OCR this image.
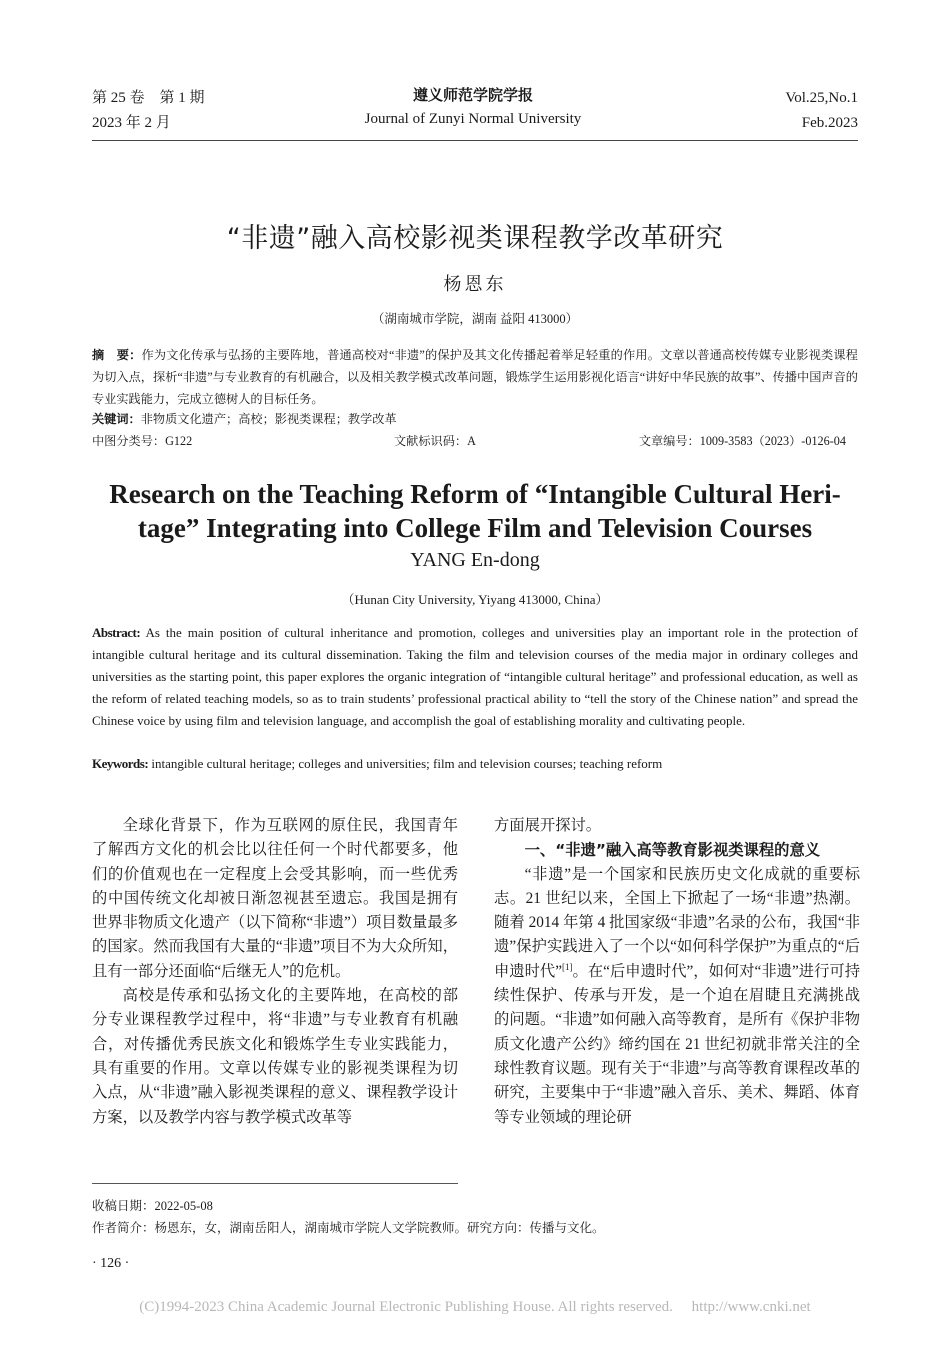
第 25 卷　第 1 期
2023 年 2 月
遵义师范学院学报
Journal of Zunyi Normal University
Vol.25,No.1
Feb.2023
“非遗”融入高校影视类课程教学改革研究
杨恩东
（湖南城市学院，湖南 益阳 413000）
摘　要：作为文化传承与弘扬的主要阵地，普通高校对“非遗”的保护及其文化传播起着举足轻重的作用。文章以普通高校传媒专业影视类课程为切入点，探析“非遗”与专业教育的有机融合，以及相关教学模式改革问题，锻炼学生运用影视化语言“讲好中华民族的故事”、传播中国声音的专业实践能力，完成立德树人的目标任务。
关键词：非物质文化遗产；高校；影视类课程；教学改革
中图分类号：G122	文献标识码：A	文章编号：1009-3583（2023）-0126-04
Research on the Teaching Reform of “Intangible Cultural Heri-
tage” Integrating into College Film and Television Courses
YANG En-dong
（Hunan City University, Yiyang 413000, China）
Abstract: As the main position of cultural inheritance and promotion, colleges and universities play an important role in the protection of intangible cultural heritage and its cultural dissemination. Taking the film and television courses of the media major in ordinary colleges and universities as the starting point, this paper explores the organic integration of “intangible cultural heritage” and professional education, as well as the reform of related teaching models, so as to train students’ professional practical ability to “tell the story of the Chinese nation” and spread the Chinese voice by using film and television language, and accomplish the goal of establishing morality and cultivating people.
Keywords: intangible cultural heritage; colleges and universities; film and television courses; teaching reform

全球化背景下，作为互联网的原住民，我国青年了解西方文化的机会比以往任何一个时代都要多，他们的价值观也在一定程度上会受其影响，而一些优秀的中国传统文化却被日渐忽视甚至遗忘。我国是拥有世界非物质文化遗产（以下简称“非遗”）项目数量最多的国家。然而我国有大量的“非遗”项目不为大众所知，且有一部分还面临“后继无人”的危机。

高校是传承和弘扬文化的主要阵地，在高校的部分专业课程教学过程中，将“非遗”与专业教育有机融合，对传播优秀民族文化和锻炼学生专业实践能力，具有重要的作用。文章以传媒专业的影视类课程为切入点，从“非遗”融入影视类课程的意义、课程教学设计方案，以及教学内容与教学模式改革等

方面展开探讨。

一、“非遗”融入高等教育影视类课程的意义

“非遗”是一个国家和民族历史文化成就的重要标志。21 世纪以来，全国上下掀起了一场“非遗”热潮。随着 2014 年第 4 批国家级“非遗”名录的公布，我国“非遗”保护实践进入了一个以“如何科学保护”为重点的“后申遗时代”[1]。在“后申遗时代”，如何对“非遗”进行可持续性保护、传承与开发，是一个迫在眉睫且充满挑战的问题。“非遗”如何融入高等教育，是所有《保护非物质文化遗产公约》缔约国在 21 世纪初就非常关注的全球性教育议题。现有关于“非遗”与高等教育课程改革的研究，主要集中于“非遗”融入音乐、美术、舞蹈、体育等专业领域的理论研

收稿日期：2022-05-08
作者简介：杨恩东，女，湖南岳阳人，湖南城市学院人文学院教师。研究方向：传播与文化。
· 126 ·
(C)1994-2023 China Academic Journal Electronic Publishing House. All rights reserved.　 http://www.cnki.net
